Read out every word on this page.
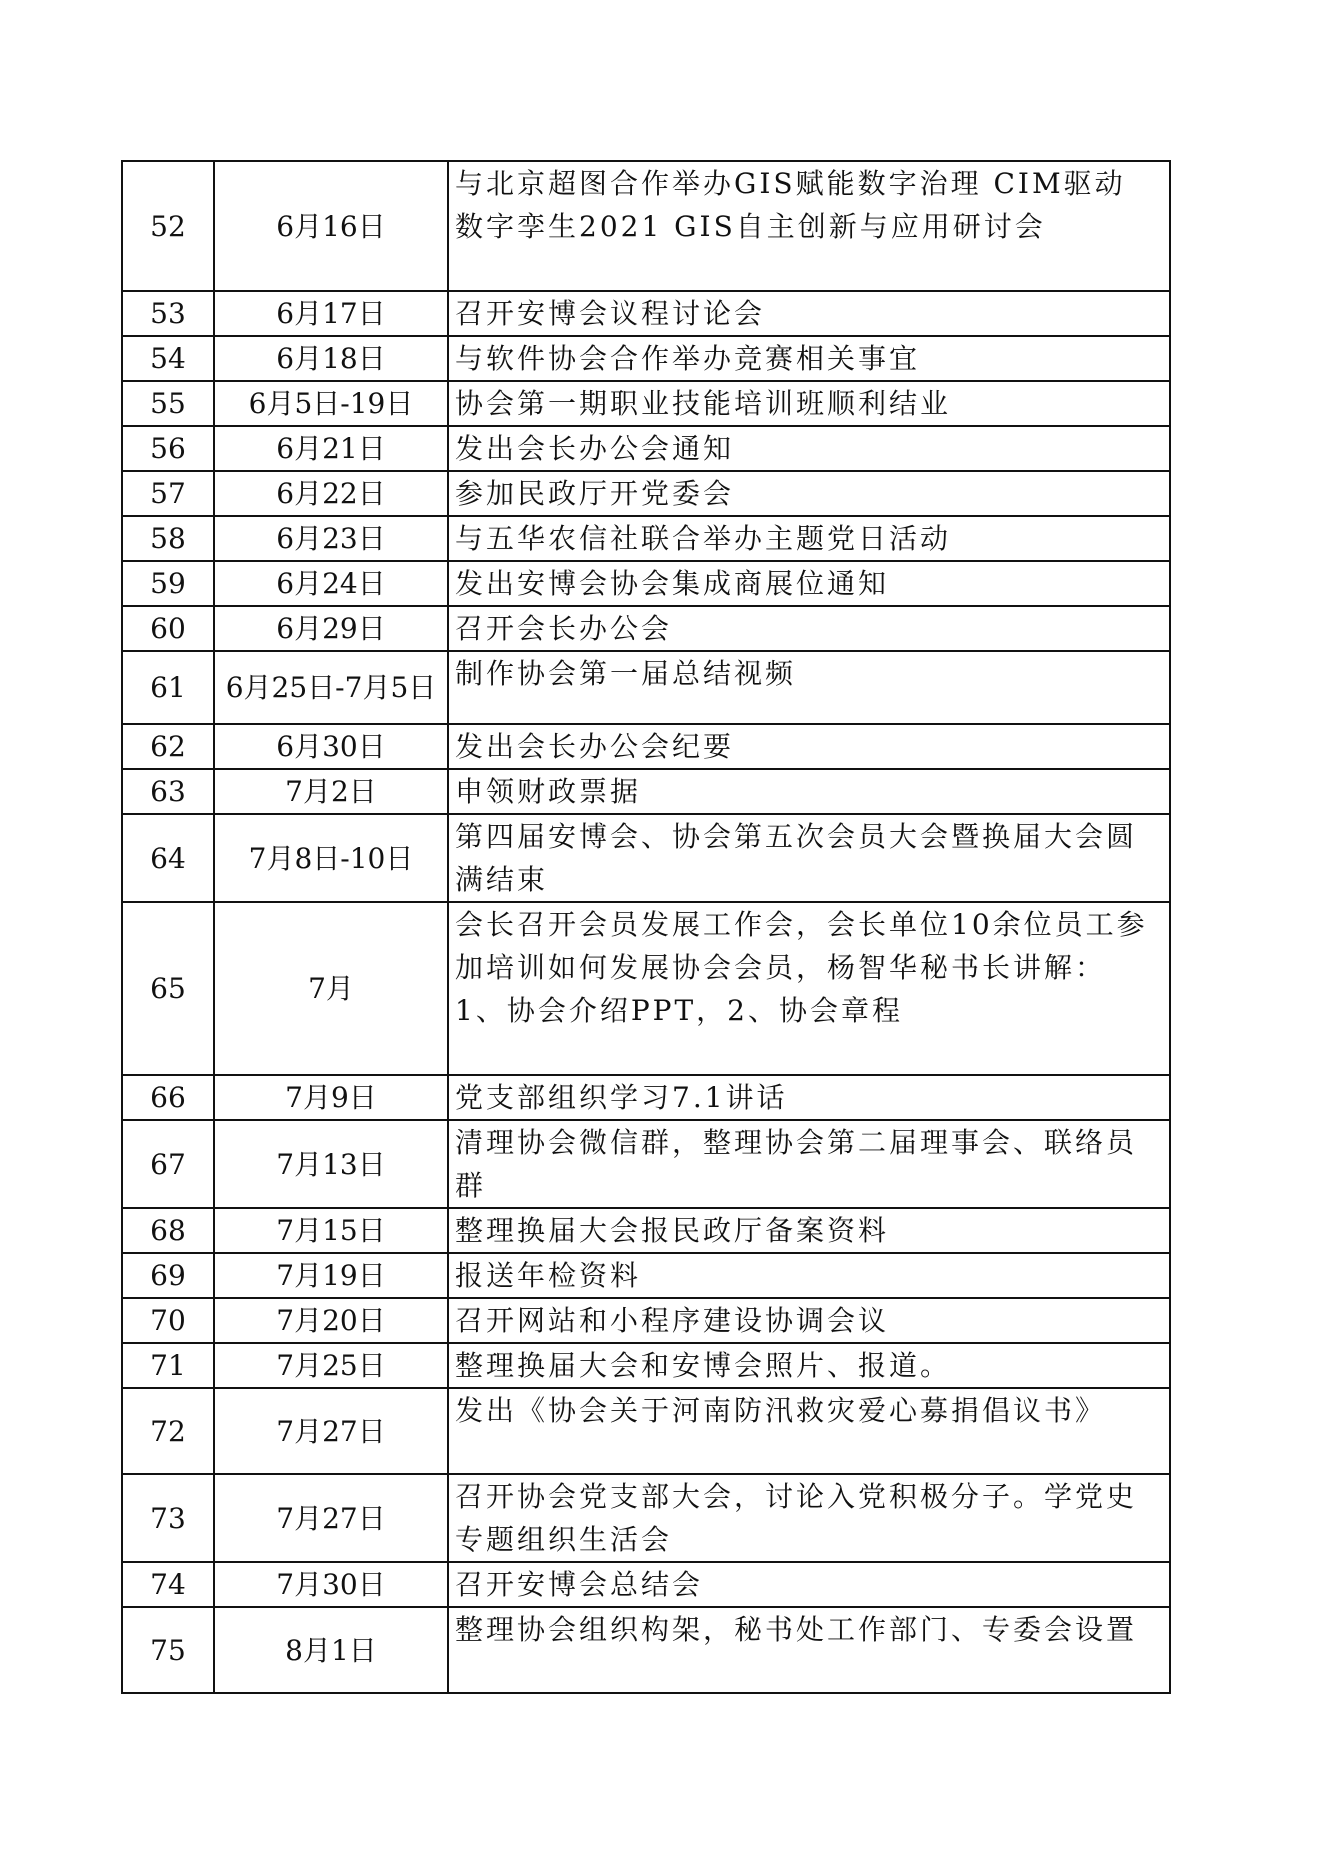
52	6月16日	与北京超图合作举办GIS赋能数字治理 CIM驱动数字孪生2021 GIS自主创新与应用研讨会
53	6月17日	召开安博会议程讨论会
54	6月18日	与软件协会合作举办竞赛相关事宜
55	6月5日-19日	协会第一期职业技能培训班顺利结业
56	6月21日	发出会长办公会通知
57	6月22日	参加民政厅开党委会
58	6月23日	与五华农信社联合举办主题党日活动
59	6月24日	发出安博会协会集成商展位通知
60	6月29日	召开会长办公会
61	6月25日-7月5日	制作协会第一届总结视频
62	6月30日	发出会长办公会纪要
63	7月2日	申领财政票据
64	7月8日-10日	第四届安博会、协会第五次会员大会暨换届大会圆满结束
65	7月	会长召开会员发展工作会，会长单位10余位员工参加培训如何发展协会会员，杨智华秘书长讲解：1、协会介绍PPT，2、协会章程
66	7月9日	党支部组织学习7.1讲话
67	7月13日	清理协会微信群，整理协会第二届理事会、联络员群
68	7月15日	整理换届大会报民政厅备案资料
69	7月19日	报送年检资料
70	7月20日	召开网站和小程序建设协调会议
71	7月25日	整理换届大会和安博会照片、报道。
72	7月27日	发出《协会关于河南防汛救灾爱心募捐倡议书》
73	7月27日	召开协会党支部大会，讨论入党积极分子。学党史专题组织生活会
74	7月30日	召开安博会总结会
75	8月1日	整理协会组织构架，秘书处工作部门、专委会设置
